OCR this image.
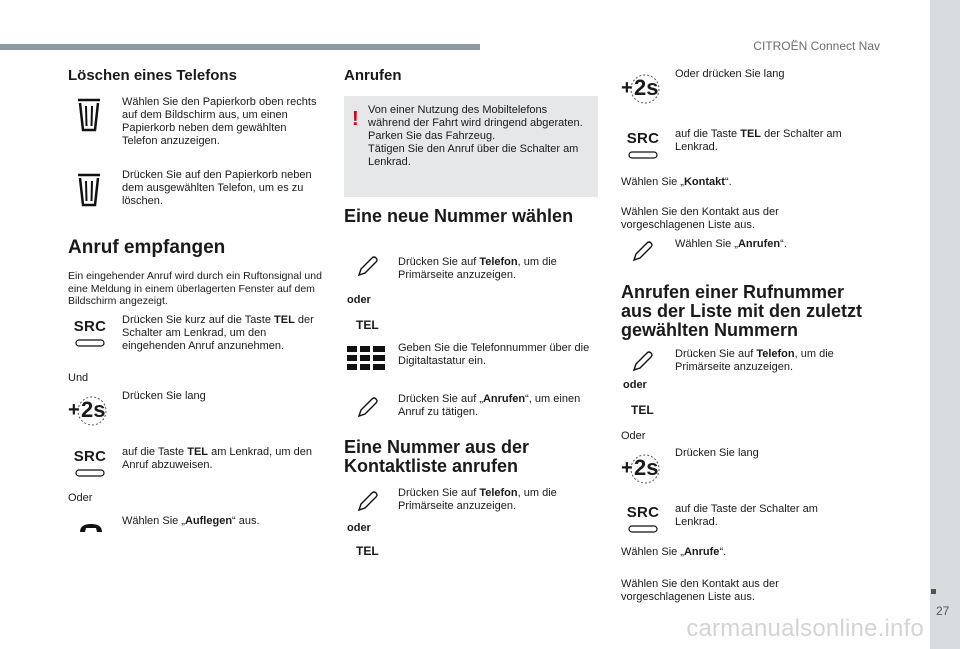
CITROËN Connect Nav
27
carmanualsonline.info
Löschen eines Telefons
Wählen Sie den Papierkorb oben rechts auf dem Bildschirm aus, um einen Papierkorb neben dem gewählten Telefon anzuzeigen.
Drücken Sie auf den Papierkorb neben dem ausgewählten Telefon, um es zu löschen.
Anruf empfangen
Ein eingehender Anruf wird durch ein Ruftonsignal und eine Meldung in einem überlagerten Fenster auf dem Bildschirm angezeigt.
SRC Drücken Sie kurz auf die Taste TEL der Schalter am Lenkrad, um den eingehenden Anruf anzunehmen.
Und
+ 2s
Drücken Sie lang
SRC auf die Taste TEL am Lenkrad, um den Anruf abzuweisen.
Oder
Wählen Sie „Auflegen“ aus.
Anrufen
! Von einer Nutzung des Mobiltelefons während der Fahrt wird dringend abgeraten.
Parken Sie das Fahrzeug.
Tätigen Sie den Anruf über die Schalter am Lenkrad.
Eine neue Nummer wählen
Drücken Sie auf Telefon, um die Primärseite anzuzeigen.
oder
TEL
Geben Sie die Telefonnummer über die Digitaltastatur ein.
Drücken Sie auf „Anrufen“, um einen Anruf zu tätigen.
Eine Nummer aus der Kontaktliste anrufen
Drücken Sie auf Telefon, um die Primärseite anzuzeigen.
oder
TEL
+ 2s
Oder drücken Sie lang
SRC auf die Taste TEL der Schalter am Lenkrad.
Wählen Sie „Kontakt“.
Wählen Sie den Kontakt aus der vorgeschlagenen Liste aus.
Wählen Sie „Anrufen“.
Anrufen einer Rufnummer aus der Liste mit den zuletzt gewählten Nummern
Drücken Sie auf Telefon, um die Primärseite anzuzeigen.
oder
TEL
Oder
+ 2s
Drücken Sie lang
SRC auf die Taste der Schalter am Lenkrad.
Wählen Sie „Anrufe“.
Wählen Sie den Kontakt aus der vorgeschlagenen Liste aus.
